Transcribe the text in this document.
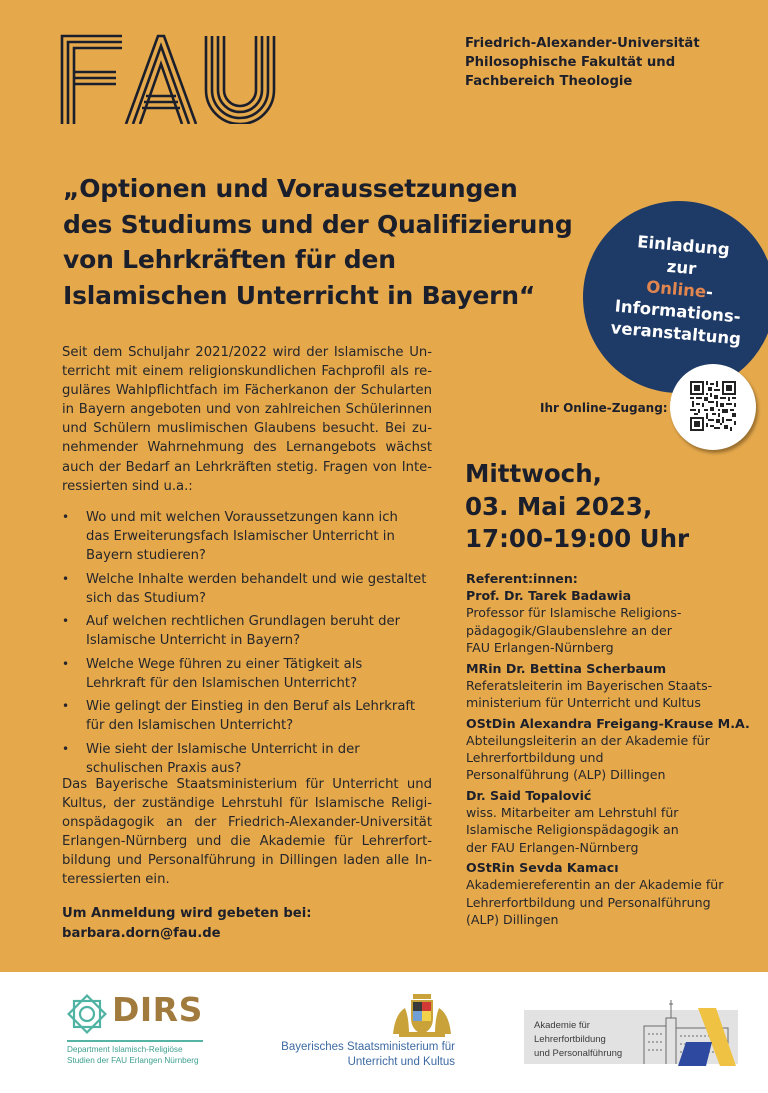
Friedrich-Alexander-Universität
Philosophische Fakultät und
Fachbereich Theologie
„Optionen und Voraussetzungen
des Studiums und der Qualifizierung
von Lehrkräften für den
Islamischen Unterricht in Bayern“
Einladung
zur
Online-
Informations-
veranstaltung
Ihr Online-Zugang:
Seit dem Schuljahr 2021/2022 wird der Islamische Un-
terricht mit einem religionskundlichen Fachprofil als re-
guläres Wahlpflichtfach im Fächerkanon der Schularten
in Bayern angeboten und von zahlreichen Schülerinnen
und Schülern muslimischen Glaubens besucht. Bei zu-
nehmender Wahrnehmung des Lernangebots wächst
auch der Bedarf an Lehrkräften stetig. Fragen von Inte-
ressierten sind u.a.:
• Wo und mit welchen Voraussetzungen kann ich
das Erweiterungsfach Islamischer Unterricht in
Bayern studieren?
• Welche Inhalte werden behandelt und wie gestaltet
sich das Studium?
• Auf welchen rechtlichen Grundlagen beruht der
Islamische Unterricht in Bayern?
• Welche Wege führen zu einer Tätigkeit als
Lehrkraft für den Islamischen Unterricht?
• Wie gelingt der Einstieg in den Beruf als Lehrkraft
für den Islamischen Unterricht?
• Wie sieht der Islamische Unterricht in der
schulischen Praxis aus?
Das Bayerische Staatsministerium für Unterricht und
Kultus, der zuständige Lehrstuhl für Islamische Religi-
onspädagogik an der Friedrich-Alexander-Universität
Erlangen-Nürnberg und die Akademie für Lehrerfort-
bildung und Personalführung in Dillingen laden alle In-
teressierten ein.
Um Anmeldung wird gebeten bei:
barbara.dorn@fau.de
Mittwoch,
03. Mai 2023,
17:00-19:00 Uhr
Referent:innen:
Prof. Dr. Tarek Badawia
Professor für Islamische Religions-
pädagogik/Glaubenslehre an der
FAU Erlangen-Nürnberg
MRin Dr. Bettina Scherbaum
Referatsleiterin im Bayerischen Staats-
ministerium für Unterricht und Kultus
OStDin Alexandra Freigang-Krause M.A.
Abteilungsleiterin an der Akademie für
Lehrerfortbildung und
Personalführung (ALP) Dillingen
Dr. Said Topalović
wiss. Mitarbeiter am Lehrstuhl für
Islamische Religionspädagogik an
der FAU Erlangen-Nürnberg
OStRin Sevda Kamacı
Akademiereferentin an der Akademie für
Lehrerfortbildung und Personalführung
(ALP) Dillingen
DIRS
Department Islamisch-Religiöse
Studien der FAU Erlangen Nürnberg
Bayerisches Staatsministerium für
Unterricht und Kultus
Akademie für
Lehrerfortbildung
und Personalführung
